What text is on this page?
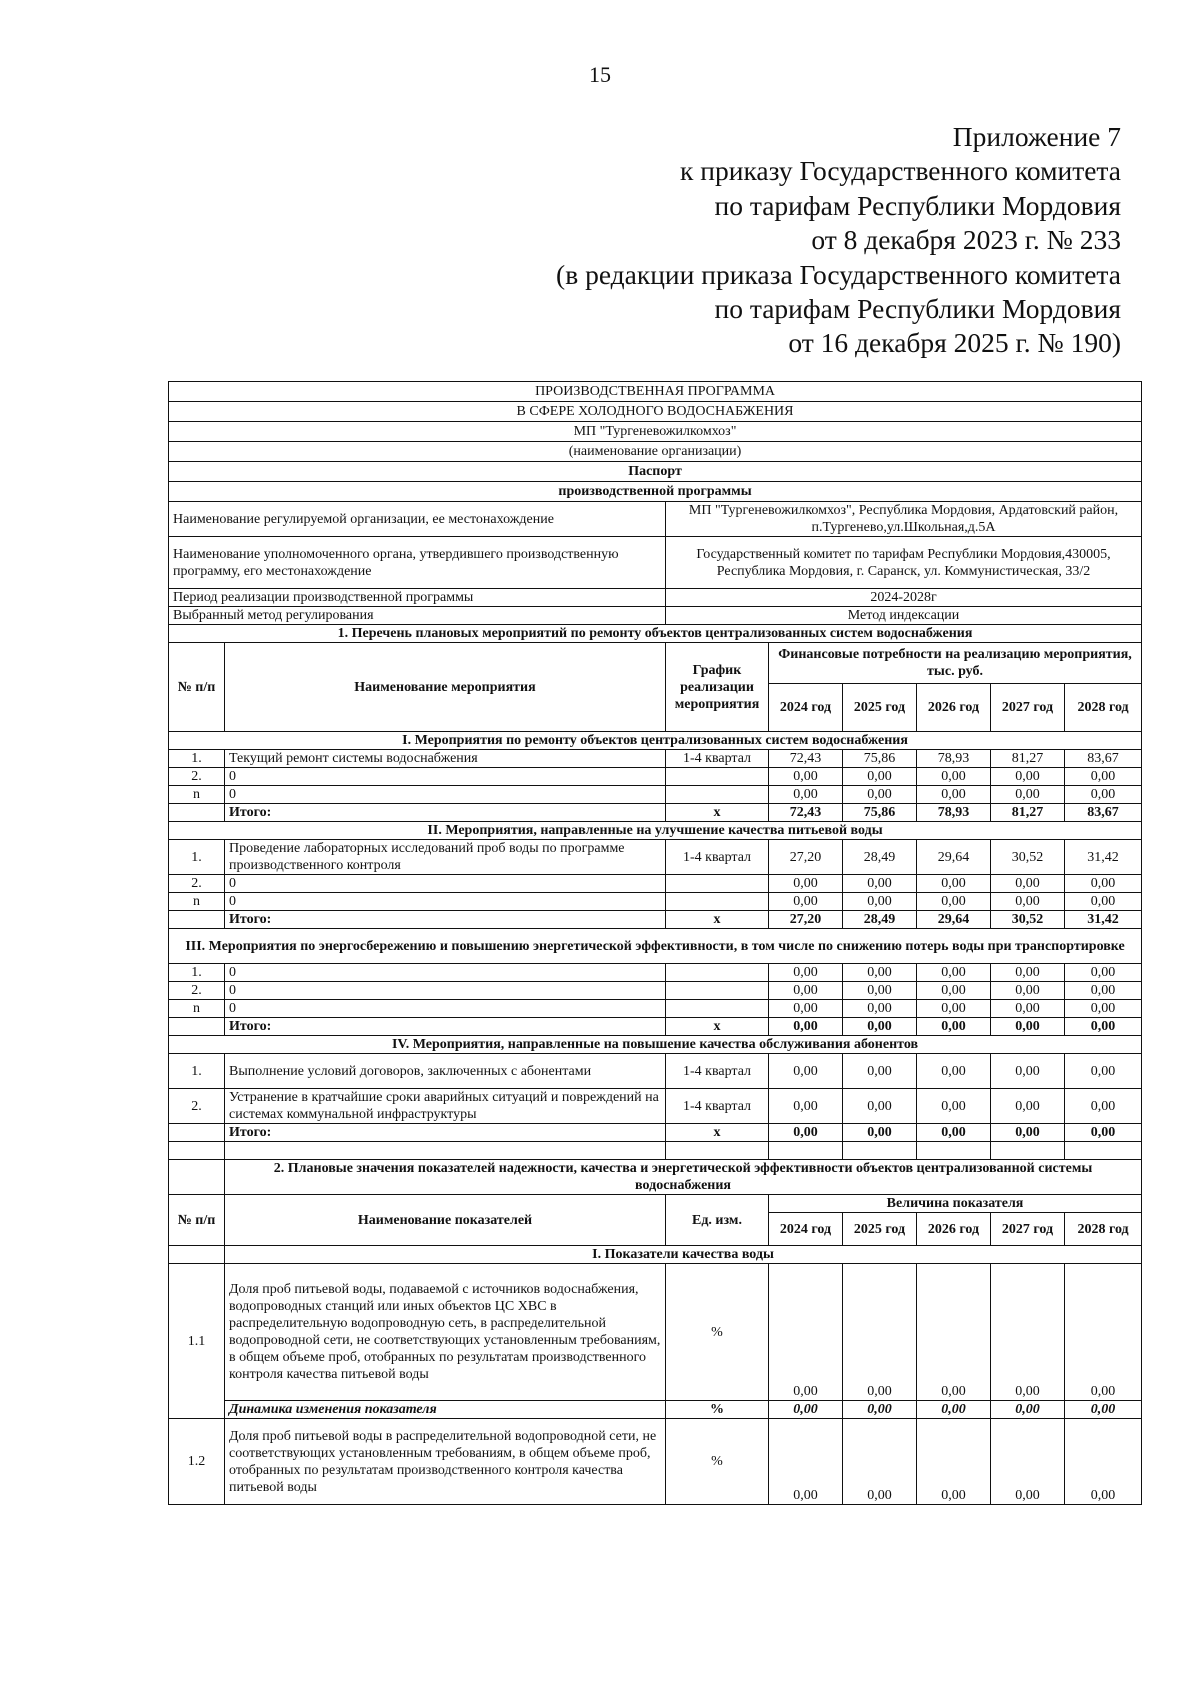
15
Приложение 7
к приказу Государственного комитета
по тарифам Республики Мордовия
от 8 декабря 2023 г. № 233
(в редакции приказа Государственного комитета
по тарифам Республики Мордовия
от 16 декабря 2025 г. № 190)
ПРОИЗВОДСТВЕННАЯ ПРОГРАММА							
В СФЕРЕ ХОЛОДНОГО ВОДОСНАБЖЕНИЯ							
МП "Тургеневожилкомхоз"							
(наименование организации)							
Паспорт							
производственной программы							
Наименование регулируемой организации, ее местонахождение		МП "Тургеневожилкомхоз", Республика Мордовия, Ардатовский район, п.Тургенево,ул.Школьная,д.5А					
Наименование уполномоченного органа, утвердившего производственную программу, его местонахождение		Государственный комитет по тарифам Республики Мордовия,430005, Республика Мордовия, г. Саранск, ул. Коммунистическая, 33/2					
Период реализации производственной программы		2024-2028г					
Выбранный метод регулирования		Метод индексации					
1. Перечень плановых мероприятий по ремонту объектов централизованных систем водоснабжения							
№ п/п	Наименование мероприятия	График реализации мероприятия	Финансовые потребности на реализацию мероприятия, тыс. руб.				
			2024 год	2025 год	2026 год	2027 год	2028 год
I. Мероприятия по ремонту объектов централизованных систем водоснабжения							
1.	Текущий ремонт системы водоснабжения	1-4 квартал	72,43	75,86	78,93	81,27	83,67
2.	0		0,00	0,00	0,00	0,00	0,00
n	0		0,00	0,00	0,00	0,00	0,00
	Итого:	х	72,43	75,86	78,93	81,27	83,67
II. Мероприятия, направленные на улучшение качества питьевой воды							
1.	Проведение лабораторных исследований проб воды по программе производственного контроля	1-4 квартал	27,20	28,49	29,64	30,52	31,42
2.	0		0,00	0,00	0,00	0,00	0,00
n	0		0,00	0,00	0,00	0,00	0,00
	Итого:	х	27,20	28,49	29,64	30,52	31,42
III. Мероприятия по энергосбережению и повышению энергетической эффективности, в том числе по снижению потерь воды при транспортировке							
1.	0		0,00	0,00	0,00	0,00	0,00
2.	0		0,00	0,00	0,00	0,00	0,00
n	0		0,00	0,00	0,00	0,00	0,00
	Итого:	х	0,00	0,00	0,00	0,00	0,00
IV. Мероприятия, направленные на повышение качества обслуживания абонентов							
1.	Выполнение условий договоров, заключенных с абонентами	1-4 квартал	0,00	0,00	0,00	0,00	0,00
2.	Устранение в кратчайшие сроки аварийных ситуаций и повреждений на системах коммунальной инфраструктуры	1-4 квартал	0,00	0,00	0,00	0,00	0,00
	Итого:	х	0,00	0,00	0,00	0,00	0,00

	2. Плановые значения показателей надежности, качества и энергетической эффективности объектов централизованной системы водоснабжения						
№ п/п	Наименование показателей	Ед. изм.	Величина показателя				
			2024 год	2025 год	2026 год	2027 год	2028 год
	I. Показатели качества воды						
1.1	Доля проб питьевой воды, подаваемой с источников водоснабжения, водопроводных станций или иных объектов ЦС ХВС в распределительную водопроводную сеть, в распределительной водопроводной сети, не соответствующих установленным требованиям, в общем объеме проб, отобранных по результатам производственного контроля качества питьевой воды	%	0,00	0,00	0,00	0,00	0,00
	Динамика изменения показателя	%	0,00	0,00	0,00	0,00	0,00
1.2	Доля проб питьевой воды в распределительной водопроводной сети, не соответствующих установленным требованиям, в общем объеме проб, отобранных по результатам производственного контроля качества питьевой воды	%	0,00	0,00	0,00	0,00	0,00
